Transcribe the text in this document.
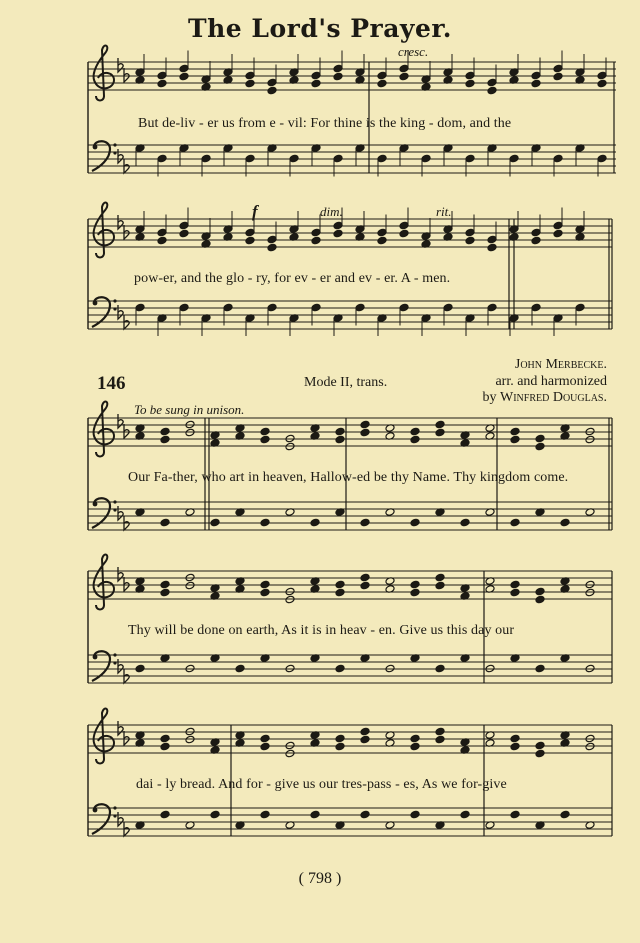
The Lord's Prayer.
cresc.
But de-liv - er us from e - vil: For thine is the king - dom, and the
f	dim.	rit.
pow-er, and the glo - ry, for ev - er and ev - er. A - men.
146	Mode II, trans.
John Merbecke.
arr. and harmonized
by Winfred Douglas.
To be sung in unison.
Our Fa-ther, who art in heaven, Hallow-ed be thy Name. Thy kingdom come.
Thy will be done on earth, As it is in heav - en. Give us this day our
dai - ly bread. And for - give us our tres-pass - es, As we for-give
( 798 )
